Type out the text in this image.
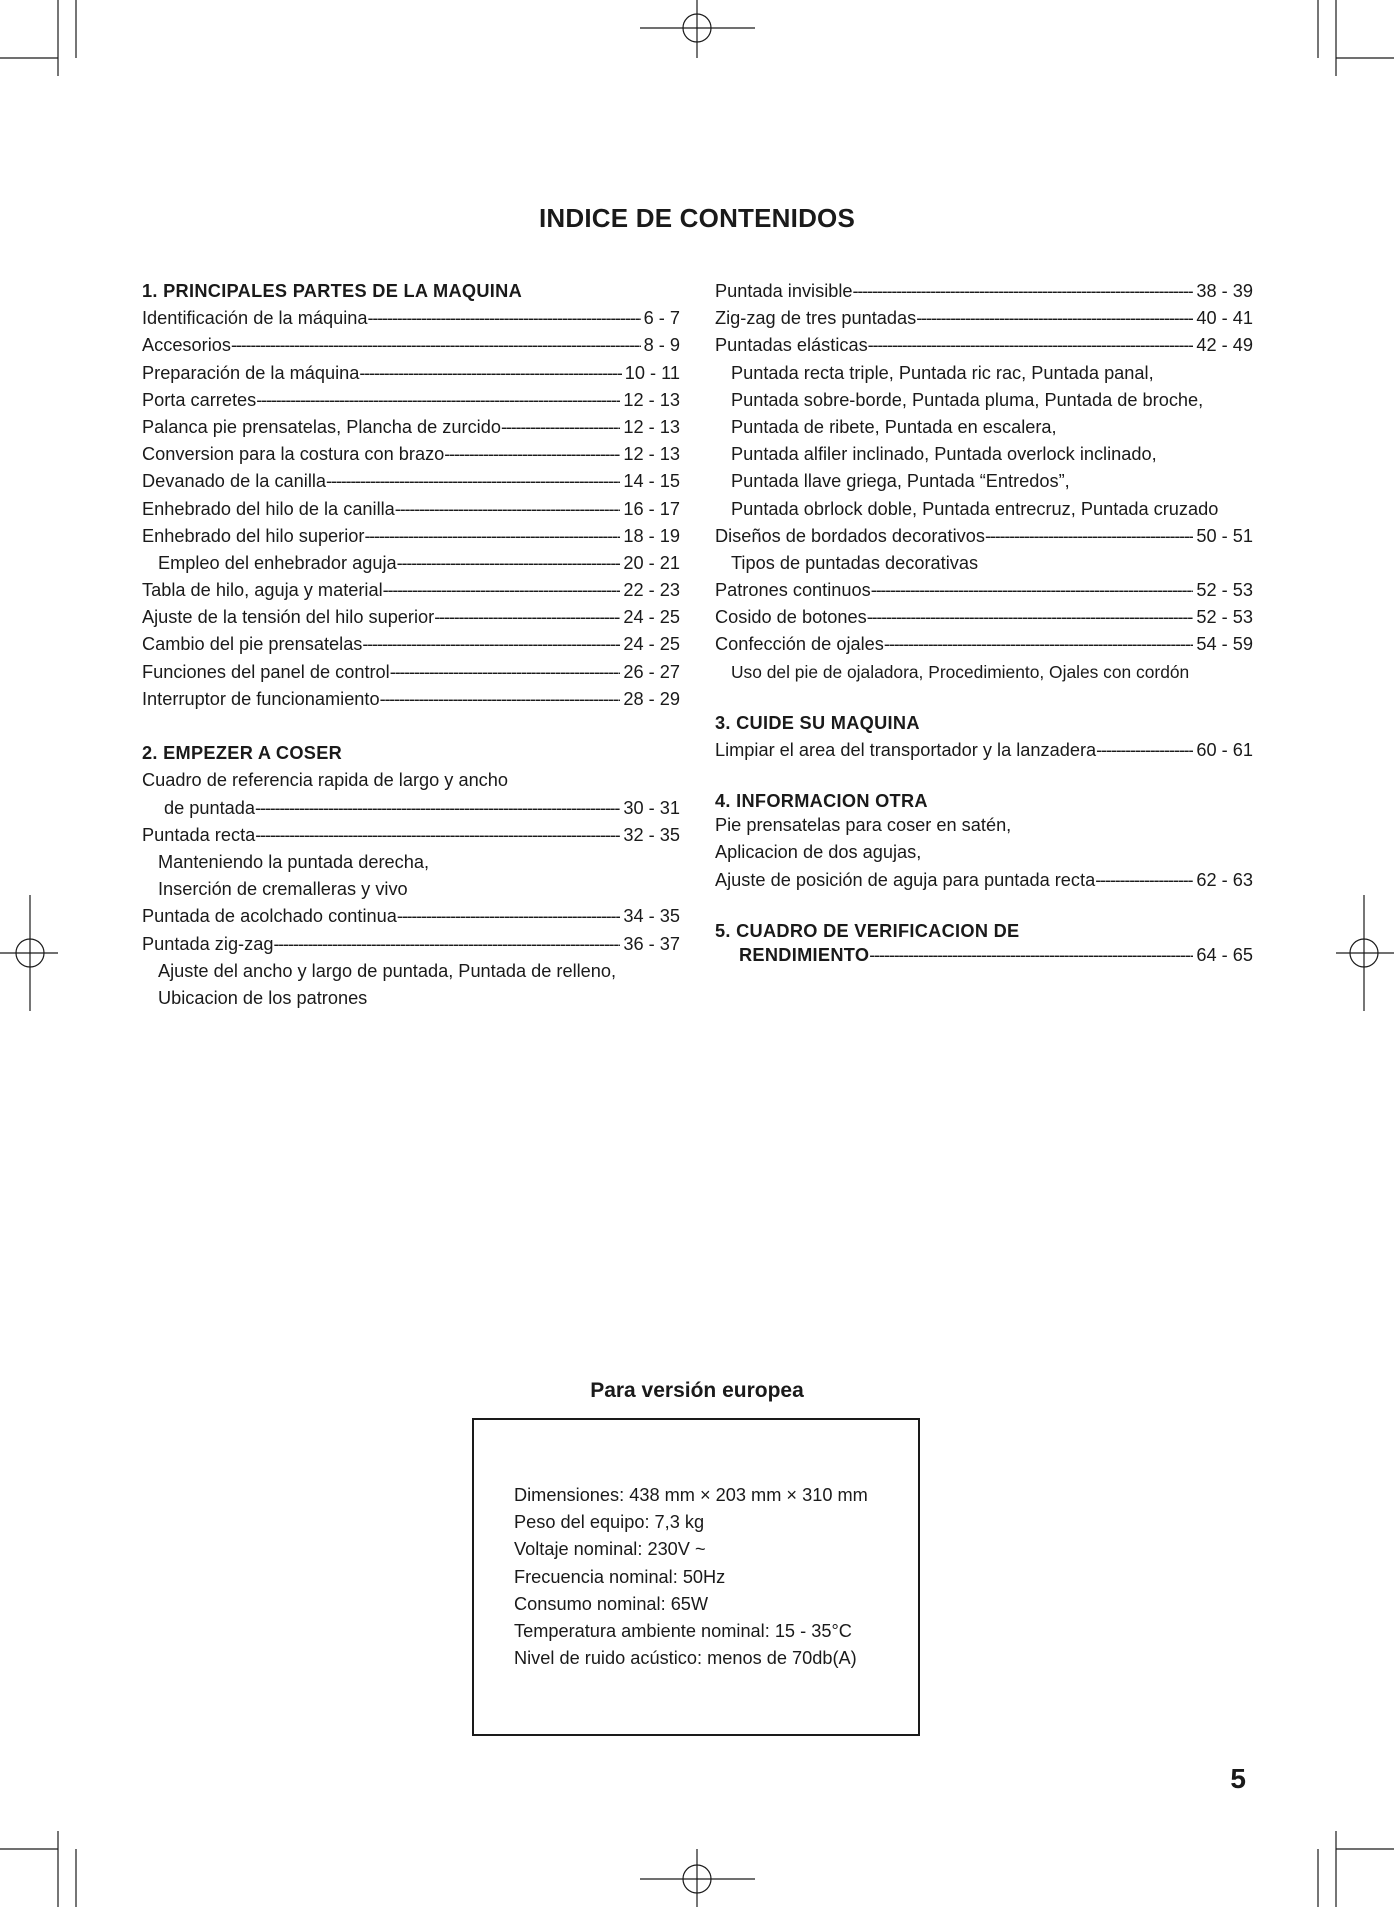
INDICE DE CONTENIDOS
1. PRINCIPALES PARTES DE LA MAQUINA
Identificación de la máquina -----	6 - 7
Accesorios -----	8 - 9
Preparación de la máquina -----	10 - 11
Porta carretes -----	12 - 13
Palanca pie prensatelas, Plancha de zurcido -----	12 - 13
Conversion para la costura con brazo -----	12 - 13
Devanado de la canilla -----	14 - 15
Enhebrado del hilo de la canilla -----	16 - 17
Enhebrado del hilo superior -----	18 - 19
Empleo del enhebrador aguja -----	20 - 21
Tabla de hilo, aguja y material -----	22 - 23
Ajuste de la tensión del hilo superior -----	24 - 25
Cambio del pie prensatelas -----	24 - 25
Funciones del panel de control -----	26 - 27
Interruptor de funcionamiento -----	28 - 29
2. EMPEZER A COSER
Cuadro de referencia rapida de largo y ancho
de puntada -----	30 - 31
Puntada recta -----	32 - 35
Manteniendo la puntada derecha,
Inserción de cremalleras y vivo
Puntada de acolchado continua -----	34 - 35
Puntada zig-zag -----	36 - 37
Ajuste del ancho y largo de puntada, Puntada de relleno,
Ubicacion de los patrones
Puntada invisible -----	38 - 39
Zig-zag de tres puntadas -----	40 - 41
Puntadas elásticas -----	42 - 49
Puntada recta triple, Puntada ric rac, Puntada panal,
Puntada sobre-borde, Puntada pluma, Puntada de broche,
Puntada de ribete, Puntada en escalera,
Puntada alfiler inclinado, Puntada overlock inclinado,
Puntada llave griega, Puntada “Entredos”,
Puntada obrlock doble, Puntada entrecruz, Puntada cruzado
Diseños de bordados decorativos -----	50 - 51
Tipos de puntadas decorativas
Patrones continuos -----	52 - 53
Cosido de botones -----	52 - 53
Confección de ojales -----	54 - 59
Uso del pie de ojaladora, Procedimiento, Ojales con cordón
3. CUIDE SU MAQUINA
Limpiar el area del transportador y la lanzadera -----	60 - 61
4. INFORMACION OTRA
Pie prensatelas para coser en satén,
Aplicacion de dos agujas,
Ajuste de posición de aguja para puntada recta -----	62 - 63
5. CUADRO DE VERIFICACION DE
RENDIMIENTO -----	64 - 65
Para versión europea
Dimensiones: 438 mm × 203 mm × 310 mm
Peso del equipo: 7,3 kg
Voltaje nominal: 230V ~
Frecuencia nominal: 50Hz
Consumo nominal: 65W
Temperatura ambiente nominal: 15 - 35°C
Nivel de ruido acústico: menos de 70db(A)
5
